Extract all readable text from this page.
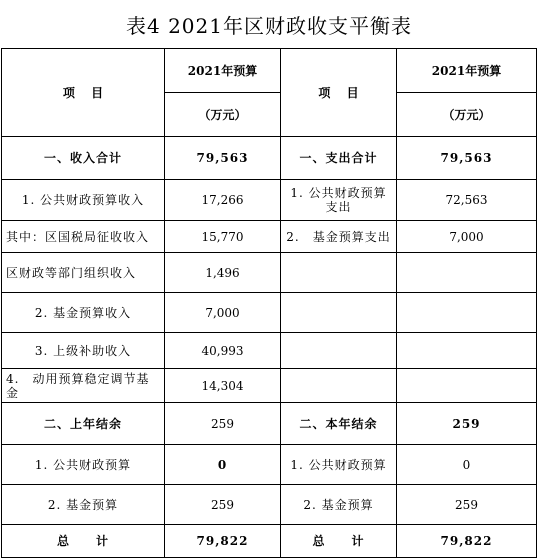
表4 2021年区财政收支平衡表
项　 目	2021年预算	项　 目	2021年预算
	（万元）		（万元）
一、收入合计	79,563	一、支出合计	79,563
1. 公共财政预算收入	17,266	1. 公共财政预算支出	72,563
其中：区国税局征收收入	15,770	2.　基金预算支出	7,000
区财政等部门组织收入	1,496		
2. 基金预算收入	7,000		
3. 上级补助收入	40,993		
4.　动用预算稳定调节基金	14,304		
二、上年结余	259	二、本年结余	259
1. 公共财政预算	0	1. 公共财政预算	0
2. 基金预算	259	2. 基金预算	259
总　　计	79,822	总　　计	79,822
